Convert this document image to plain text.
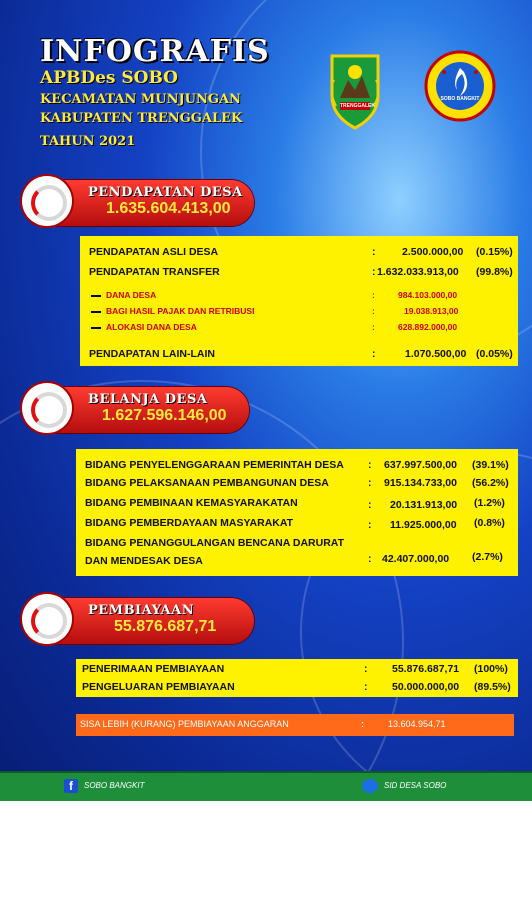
INFOGRAFIS
APBDes SOBO
KECAMATAN MUNJUNGAN
KABUPATEN TRENGGALEK
TAHUN 2021
TRENGGALEK
SOBO BANGKIT
PENDAPATAN DESA
1.635.604.413,00
PENDAPATAN ASLI DESA	:	2.500.000,00 (0.15%)
PENDAPATAN TRANSFER	: 1.632.033.913,00 (99.8%)
DANA DESA	:	984.103.000,00
BAGI HASIL PAJAK DAN RETRIBUSI	:	19.038.913,00
ALOKASI DANA DESA	:	628.892.000,00
PENDAPATAN LAIN-LAIN	:	1.070.500,00 (0.05%)
BELANJA DESA
1.627.596.146,00
BIDANG PENYELENGGARAAN PEMERINTAH DESA : 637.997.500,00 (39.1%)
BIDANG PELAKSANAAN PEMBANGUNAN DESA	: 915.134.733,00 (56.2%)
BIDANG PEMBINAAN KEMASYARAKATAN	: 20.131.913,00 (1.2%)
BIDANG PEMBERDAYAAN MASYARAKAT	: 11.925.000,00 (0.8%)
BIDANG PENANGGULANGAN BENCANA DARURAT
DAN MENDESAK DESA	: 42.407.000,00 (2.7%)
PEMBIAYAAN
55.876.687,71
PENERIMAAN PEMBIAYAAN	: 55.876.687,71 (100%)
PENGELUARAN PEMBIAYAAN	: 50.000.000,00 (89.5%)
SISA LEBIH (KURANG) PEMBIAYAAN ANGGARAN	:	13.604.954,71
f	SOBO BANGKIT	SID DESA SOBO
